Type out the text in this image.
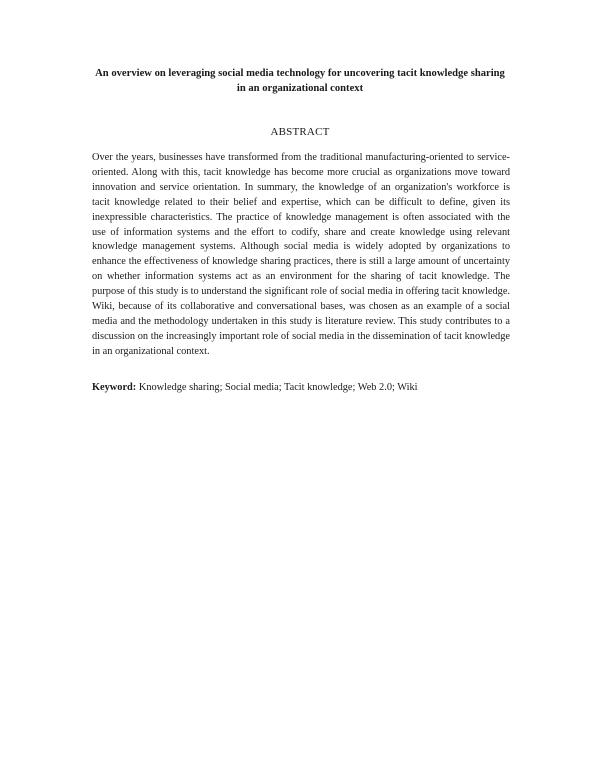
An overview on leveraging social media technology for uncovering tacit knowledge sharing in an organizational context
ABSTRACT
Over the years, businesses have transformed from the traditional manufacturing-oriented to service-oriented. Along with this, tacit knowledge has become more crucial as organizations move toward innovation and service orientation. In summary, the knowledge of an organization's workforce is tacit knowledge related to their belief and expertise, which can be difficult to define, given its inexpressible characteristics. The practice of knowledge management is often associated with the use of information systems and the effort to codify, share and create knowledge using relevant knowledge management systems. Although social media is widely adopted by organizations to enhance the effectiveness of knowledge sharing practices, there is still a large amount of uncertainty on whether information systems act as an environment for the sharing of tacit knowledge. The purpose of this study is to understand the significant role of social media in offering tacit knowledge. Wiki, because of its collaborative and conversational bases, was chosen as an example of a social media and the methodology undertaken in this study is literature review. This study contributes to a discussion on the increasingly important role of social media in the dissemination of tacit knowledge in an organizational context.
Keyword: Knowledge sharing; Social media; Tacit knowledge; Web 2.0; Wiki
